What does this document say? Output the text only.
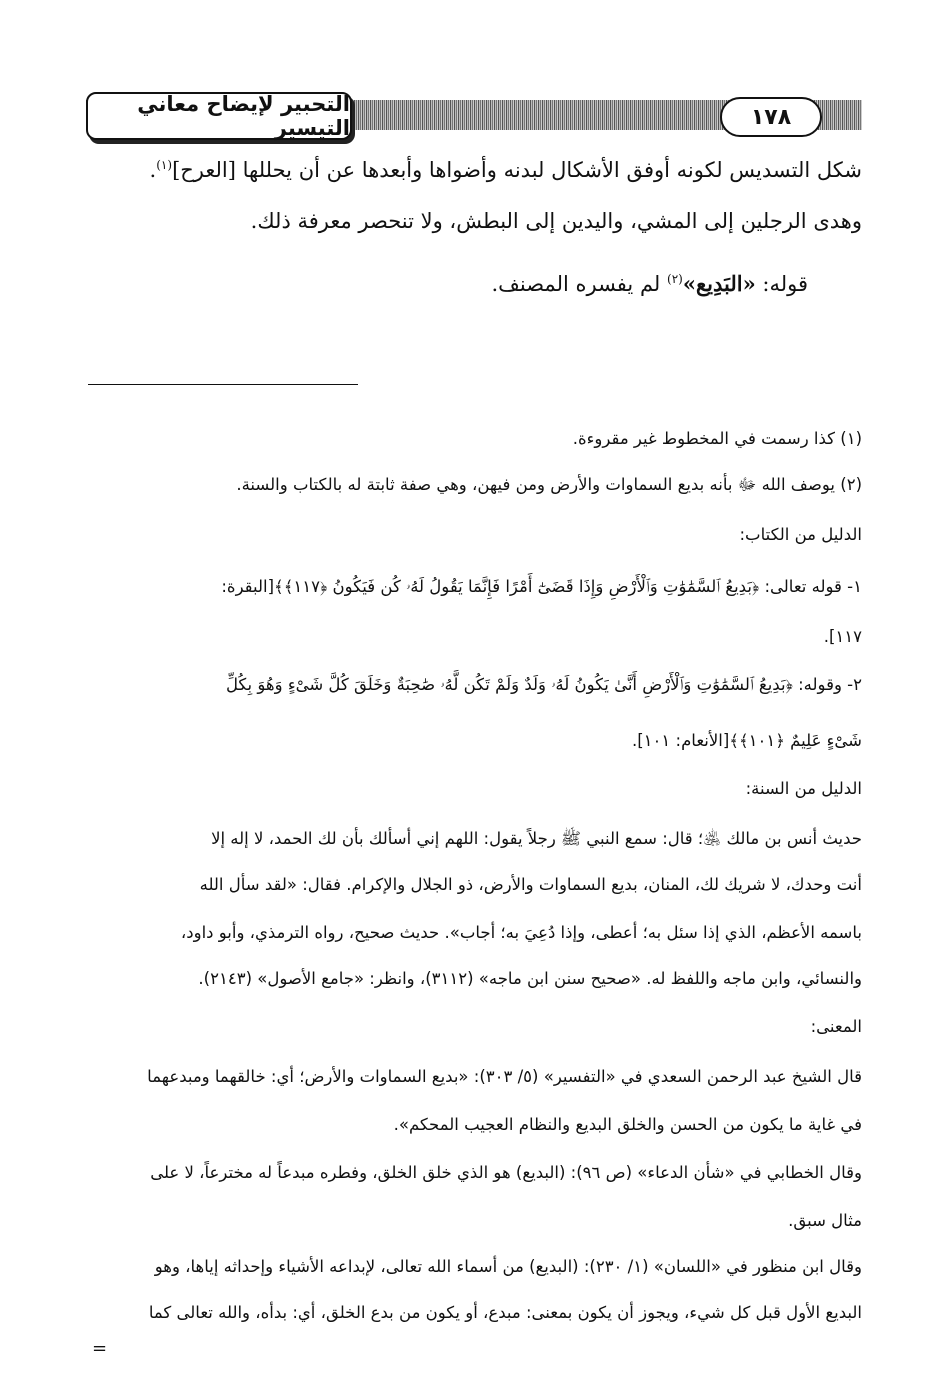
التحبير لإيضاح معاني التيسير	١٧٨
شكل التسديس لكونه أوفق الأشكال لبدنه وأضواها وأبعدها عن أن يحللها [العرح]$^{(١)}$.
وهدى الرجلين إلى المشي، واليدين إلى البطش، ولا تنحصر معرفة ذلك.
قوله: «البَدِيع»$^{(٢)}$ لم يفسره المصنف.
(١) كذا رسمت في المخطوط غير مقروءة.
(٢) يوصف الله ﷻ بأنه بديع السماوات والأرض ومن فيهن، وهي صفة ثابتة له بالكتاب والسنة.
الدليل من الكتاب:
١- قوله تعالى: ﴿بَدِيعُ ٱلسَّمَٰوَٰتِ وَٱلْأَرْضِ وَإِذَا قَضَىٰٓ أَمْرًا فَإِنَّمَا يَقُولُ لَهُۥ كُن فَيَكُونُ ﴿١١٧﴾﴾[البقرة:
١١٧].
٢- وقوله: ﴿بَدِيعُ ٱلسَّمَٰوَٰتِ وَٱلْأَرْضِ أَنَّىٰ يَكُونُ لَهُۥ وَلَدٌ وَلَمْ تَكُن لَّهُۥ صَٰحِبَةٌ وَخَلَقَ كُلَّ شَىْءٍ وَهُوَ بِكُلِّ
شَىْءٍ عَلِيمٌ ﴿١٠١﴾﴾[الأنعام: ١٠١].
الدليل من السنة:
حديث أنس بن مالك ﵁؛ قال: سمع النبي ﷺ رجلاً يقول: اللهم إني أسألك بأن لك الحمد، لا إله إلا
أنت وحدك، لا شريك لك، المنان، بديع السماوات والأرض، ذو الجلال والإكرام. فقال: «لقد سأل الله
باسمه الأعظم، الذي إذا سئل به؛ أعطى، وإذا دُعِيَ به؛ أجاب». حديث صحيح، رواه الترمذي، وأبو داود،
والنسائي، وابن ماجه واللفظ له. «صحيح سنن ابن ماجه» (٣١١٢)، وانظر: «جامع الأصول» (٢١٤٣).
المعنى:
قال الشيخ عبد الرحمن السعدي في «التفسير» (٥/ ٣٠٣): «بديع السماوات والأرض؛ أي: خالقهما ومبدعهما
في غاية ما يكون من الحسن والخلق البديع والنظام العجيب المحكم».
وقال الخطابي في «شأن الدعاء» (ص ٩٦): (البديع) هو الذي خلق الخلق، وفطره مبدعاً له مخترعاً، لا على
مثال سبق.
وقال ابن منظور في «اللسان» (١/ ٢٣٠): (البديع) من أسماء الله تعالى، لإبداعه الأشياء وإحداثه إياها، وهو
البديع الأول قبل كل شيء، ويجوز أن يكون بمعنى: مبدع، أو يكون من بدع الخلق، أي: بدأه، والله تعالى كما
=
